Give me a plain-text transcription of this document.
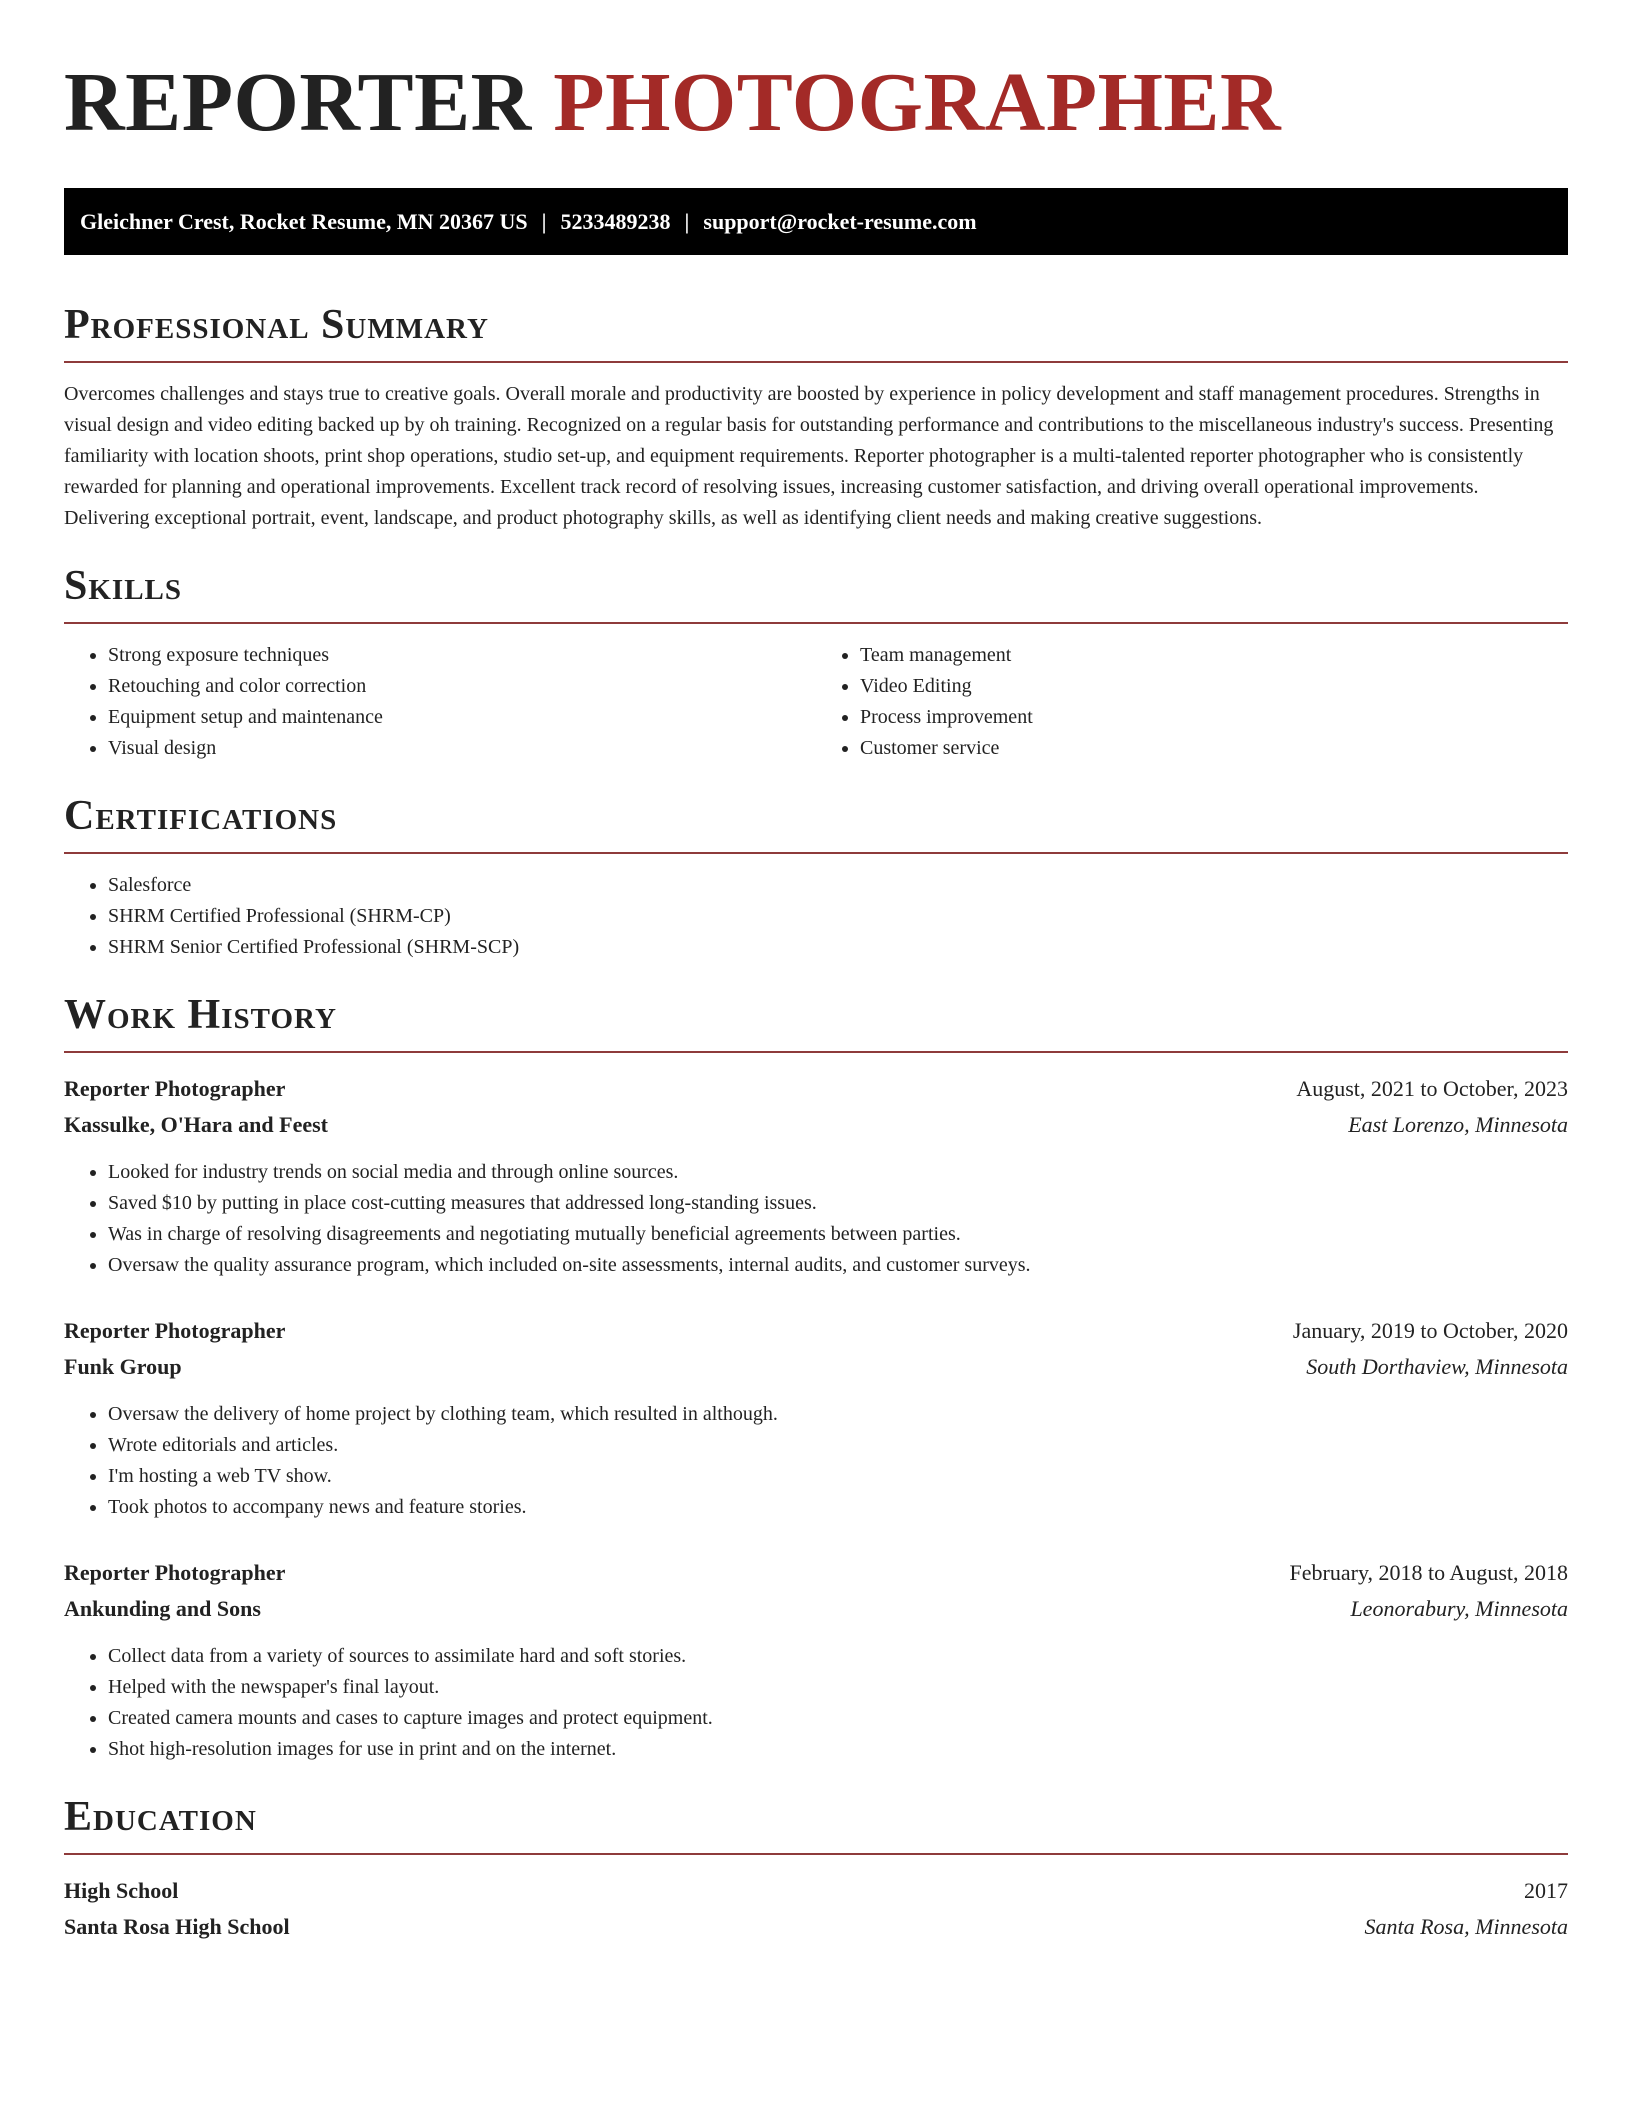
REPORTER PHOTOGRAPHER
Gleichner Crest, Rocket Resume, MN 20367 US | 5233489238 | support@rocket-resume.com
Professional Summary

Overcomes challenges and stays true to creative goals. Overall morale and productivity are boosted by experience in policy development and staff management procedures. Strengths in visual design and video editing backed up by oh training. Recognized on a regular basis for outstanding performance and contributions to the miscellaneous industry's success. Presenting familiarity with location shoots, print shop operations, studio set-up, and equipment requirements. Reporter photographer is a multi-talented reporter photographer who is consistently rewarded for planning and operational improvements. Excellent track record of resolving issues, increasing customer satisfaction, and driving overall operational improvements. Delivering exceptional portrait, event, landscape, and product photography skills, as well as identifying client needs and making creative suggestions.

Skills
• Strong exposure techniques
• Retouching and color correction
• Equipment setup and maintenance
• Visual design
• Team management
• Video Editing
• Process improvement
• Customer service
Certifications
• Salesforce
• SHRM Certified Professional (SHRM-CP)
• SHRM Senior Certified Professional (SHRM-SCP)
Work History
Reporter Photographer	August, 2021 to October, 2023
Kassulke, O'Hara and Feest	East Lorenzo, Minnesota
• Looked for industry trends on social media and through online sources.
• Saved $10 by putting in place cost-cutting measures that addressed long-standing issues.
• Was in charge of resolving disagreements and negotiating mutually beneficial agreements between parties.
• Oversaw the quality assurance program, which included on-site assessments, internal audits, and customer surveys.
Reporter Photographer	January, 2019 to October, 2020
Funk Group	South Dorthaview, Minnesota
• Oversaw the delivery of home project by clothing team, which resulted in although.
• Wrote editorials and articles.
• I'm hosting a web TV show.
• Took photos to accompany news and feature stories.
Reporter Photographer	February, 2018 to August, 2018
Ankunding and Sons	Leonorabury, Minnesota
• Collect data from a variety of sources to assimilate hard and soft stories.
• Helped with the newspaper's final layout.
• Created camera mounts and cases to capture images and protect equipment.
• Shot high-resolution images for use in print and on the internet.
Education
High School	2017
Santa Rosa High School	Santa Rosa, Minnesota
